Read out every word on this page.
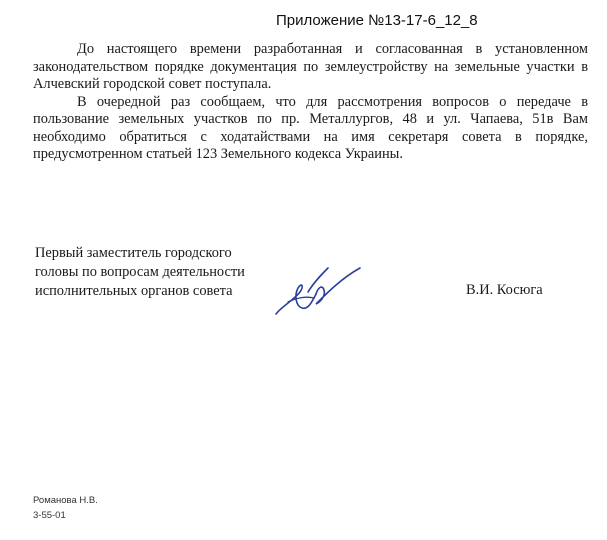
Приложение №13-17-6_12_8

До настоящего времени разработанная и согласованная в установленном законодательством порядке документация по землеустройству на земельные участки в Алчевский городской совет поступала.

В очередной раз сообщаем, что для рассмотрения вопросов о передаче в пользование земельных участков по пр. Металлургов, 48 и ул. Чапаева, 51в Вам необходимо обратиться с ходатайствами на имя секретаря совета в порядке, предусмотренном статьей 123 Земельного кодекса Украины.

Первый заместитель городского
головы по вопросам деятельности
исполнительных органов совета	В.И. Косюга
Романова Н.В.
3-55-01
